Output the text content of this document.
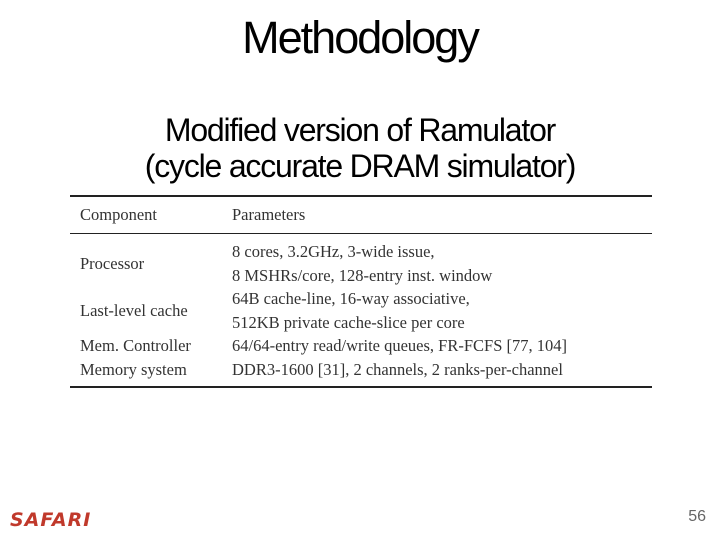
Methodology
Modified version of Ramulator
(cycle accurate DRAM simulator)
Component	Parameters
Processor	8 cores, 3.2GHz, 3-wide issue,
8 MSHRs/core, 128-entry inst. window

Last-level cache	64B cache-line, 16-way associative,
512KB private cache-slice per core

Mem. Controller	64/64-entry read/write queues, FR-FCFS [77, 104]

Memory system	DDR3-1600 [31], 2 channels, 2 ranks-per-channel
SAFARI	56
